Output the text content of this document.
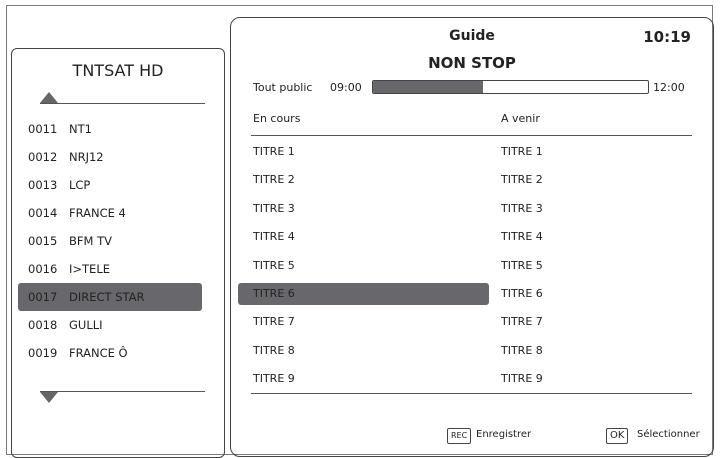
TNTSAT HD
0011 NT1
0012 NRJ12
0013 LCP
0014 FRANCE 4
0015 BFM TV
0016 I>TELE
0017 DIRECT STAR
0018 GULLI
0019 FRANCE Ô
Guide	10:19
NON STOP
Tout public 09:00	12:00
En cours	A venir
TITRE 1	TITRE 1
TITRE 2	TITRE 2
TITRE 3	TITRE 3
TITRE 4	TITRE 4
TITRE 5	TITRE 5
TITRE 6	TITRE 6
TITRE 7	TITRE 7
TITRE 8	TITRE 8
TITRE 9	TITRE 9
REC Enregistrer	OK	Sélectionner
